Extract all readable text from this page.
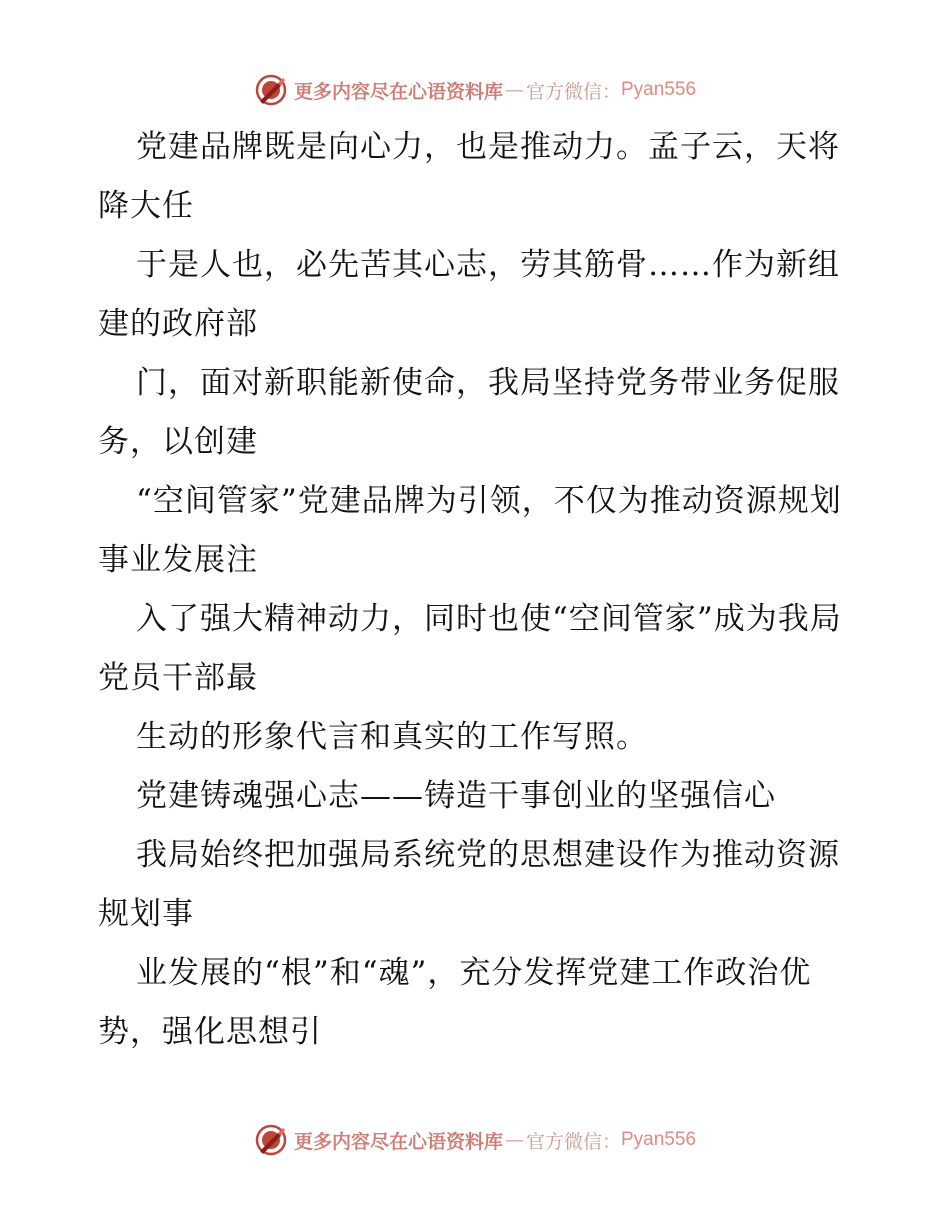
更多内容尽在心语资料库 — 官方微信： Pyan556

党建品牌既是向心力，也是推动力。孟子云，天将降大任

于是人也，必先苦其心志，劳其筋骨……作为新组建的政府部

门，面对新职能新使命，我局坚持党务带业务促服务，以创建

“空间管家”党建品牌为引领，不仅为推动资源规划事业发展注

入了强大精神动力，同时也使“空间管家”成为我局党员干部最

生动的形象代言和真实的工作写照。

党建铸魂强心志——铸造干事创业的坚强信心

我局始终把加强局系统党的思想建设作为推动资源规划事

业发展的“根”和“魂”，充分发挥党建工作政治优势，强化思想引

更多内容尽在心语资料库 — 官方微信： Pyan556
